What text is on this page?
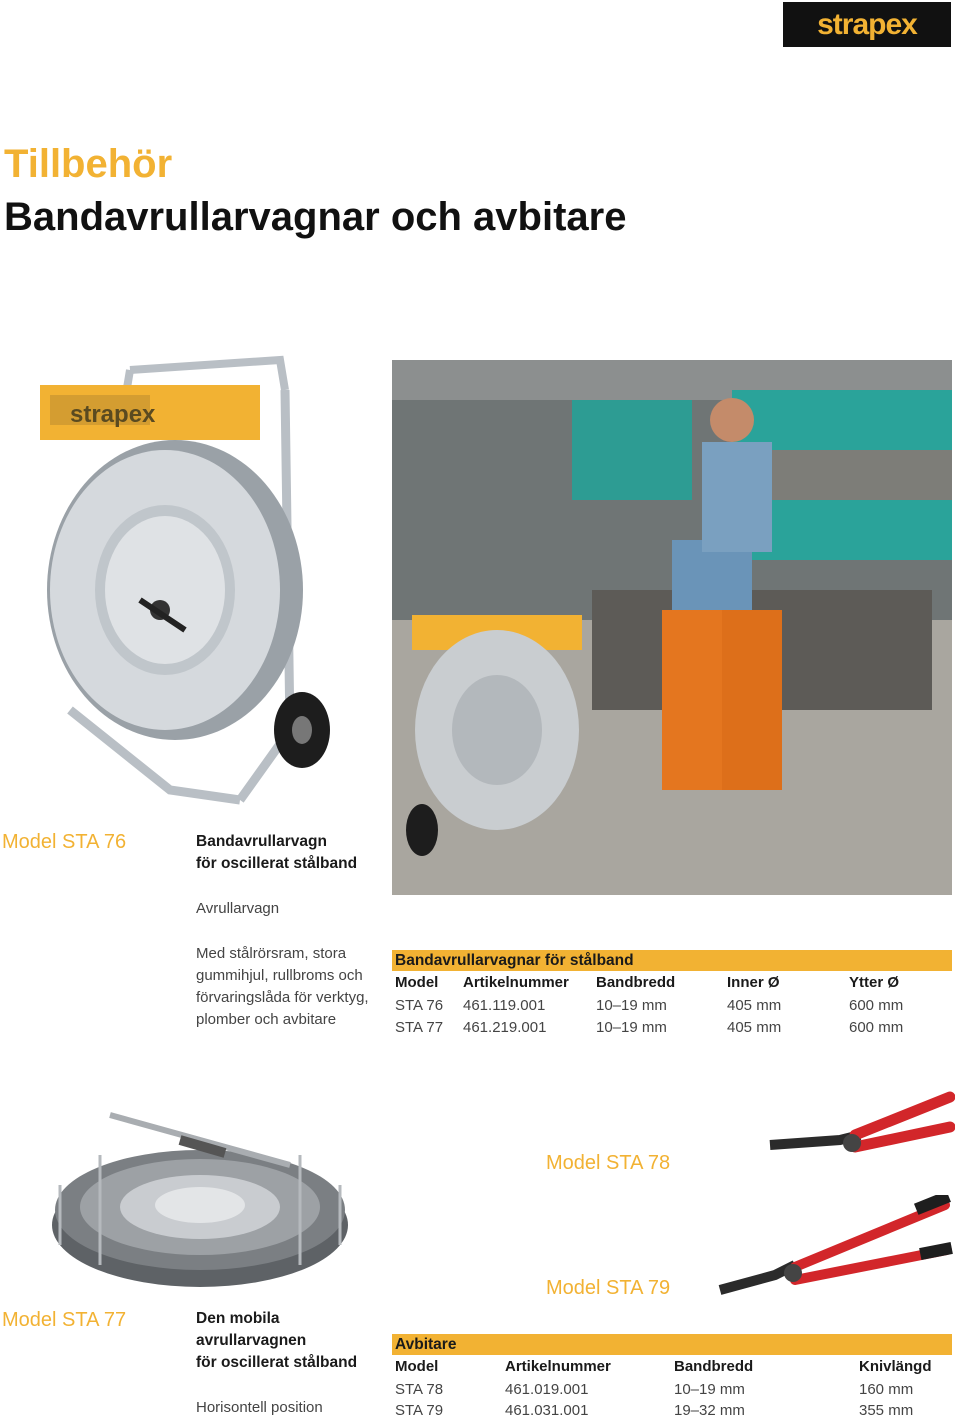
strapex
Tillbehör
Bandavrullarvagnar och avbitare
strapex
Model STA 76	Bandavrullarvagn
för oscillerat stålband
Avrullarvagn
Med stålrörsram, stora
gummihjul, rullbroms och
förvaringslåda för verktyg,
plomber och avbitare
Bandavrullarvagnar för stålband
Model Artikelnummer Bandbredd	Inner Ø	Ytter Ø
STA 76 461.119.001	10–19 mm	405 mm	600 mm
STA 77 461.219.001	10–19 mm	405 mm	600 mm
Model STA 78
Model STA 79
Model STA 77	Den mobila
avrullarvagnen
för oscillerat stålband
Horisontell position
Avbitare
Model	Artikelnummer	Bandbredd	Knivlängd
STA 78	461.019.001	10–19 mm	160 mm
STA 79	461.031.001	19–32 mm	355 mm
